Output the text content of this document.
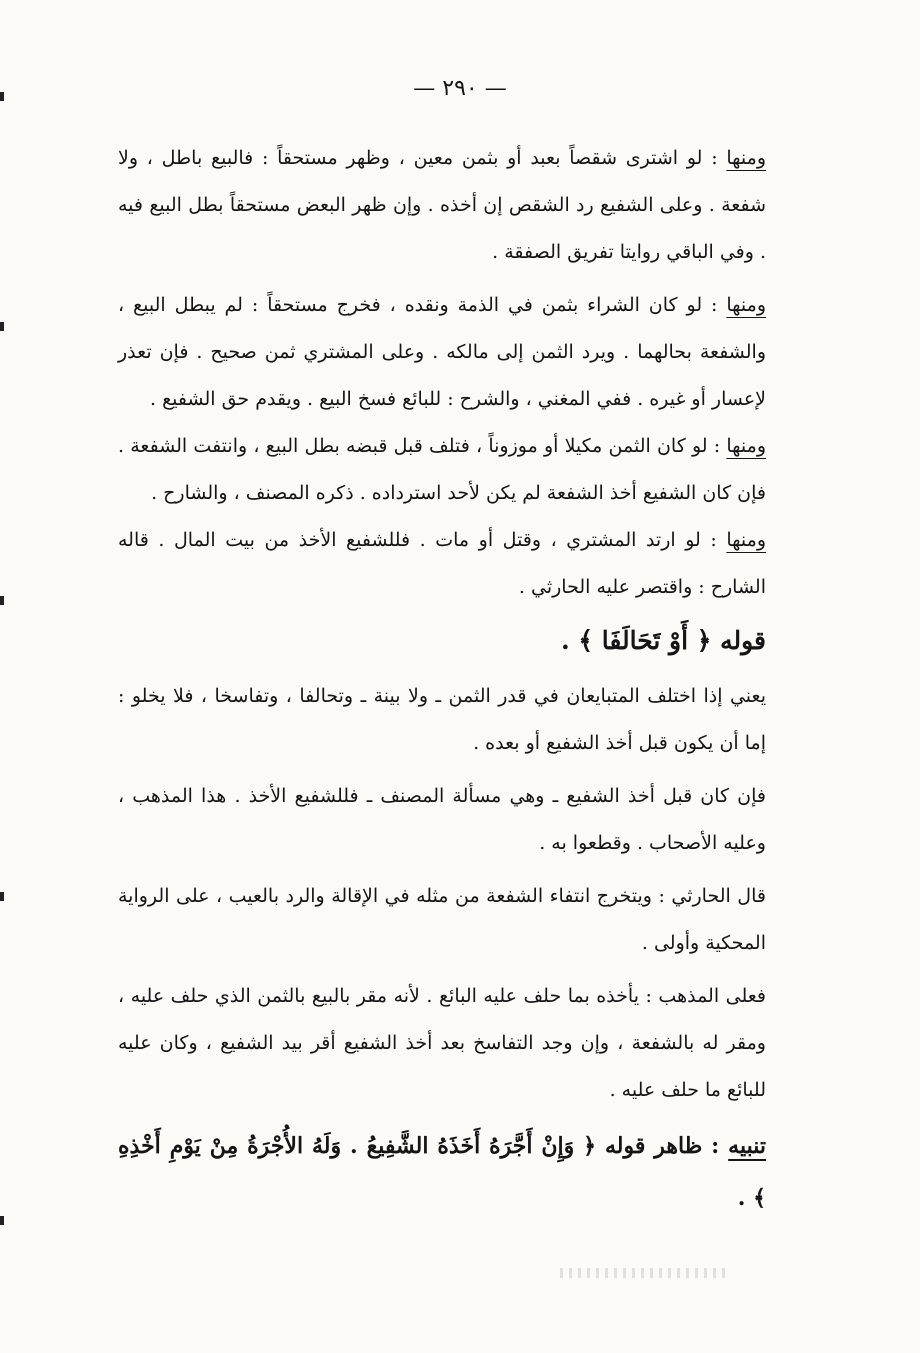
— ٢٩٠ —

ومنها : لو اشترى شقصاً بعبد أو بثمن معين ، وظهر مستحقاً : فالبيع باطل ، ولا شفعة . وعلى الشفيع رد الشقص إن أخذه . وإن ظهر البعض مستحقاً بطل البيع فيه . وفي الباقي روايتا تفريق الصفقة .

ومنها : لو كان الشراء بثمن في الذمة ونقده ، فخرج مستحقاً : لم يبطل البيع ، والشفعة بحالهما . ويرد الثمن إلى مالكه . وعلى المشتري ثمن صحيح . فإن تعذر لإعسار أو غيره . ففي المغني ، والشرح : للبائع فسخ البيع . ويقدم حق الشفيع .

ومنها : لو كان الثمن مكيلا أو موزوناً ، فتلف قبل قبضه بطل البيع ، وانتفت الشفعة . فإن كان الشفيع أخذ الشفعة لم يكن لأحد استرداده . ذكره المصنف ، والشارح .

ومنها : لو ارتد المشتري ، وقتل أو مات . فللشفيع الأخذ من بيت المال . قاله الشارح : واقتصر عليه الحارثي .

قوله ﴿ أَوْ تَحَالَفَا ﴾ .

يعني إذا اختلف المتبايعان في قدر الثمن ـ ولا بينة ـ وتحالفا ، وتفاسخا ، فلا يخلو : إما أن يكون قبل أخذ الشفيع أو بعده .

فإن كان قبل أخذ الشفيع ـ وهي مسألة المصنف ـ فللشفيع الأخذ . هذا المذهب ، وعليه الأصحاب . وقطعوا به .

قال الحارثي : ويتخرج انتفاء الشفعة من مثله في الإقالة والرد بالعيب ، على الرواية المحكية وأولى .

فعلى المذهب : يأخذه بما حلف عليه البائع . لأنه مقر بالبيع بالثمن الذي حلف عليه ، ومقر له بالشفعة ، وإن وجد التفاسخ بعد أخذ الشفيع أقر بيد الشفيع ، وكان عليه للبائع ما حلف عليه .

تنبيه : ظاهر قوله ﴿ وَإِنْ أَجَّرَهُ أَخَذَهُ الشَّفِيعُ . وَلَهُ الأُجْرَةُ مِنْ يَوْمِ أَخْذِهِ ﴾ .
